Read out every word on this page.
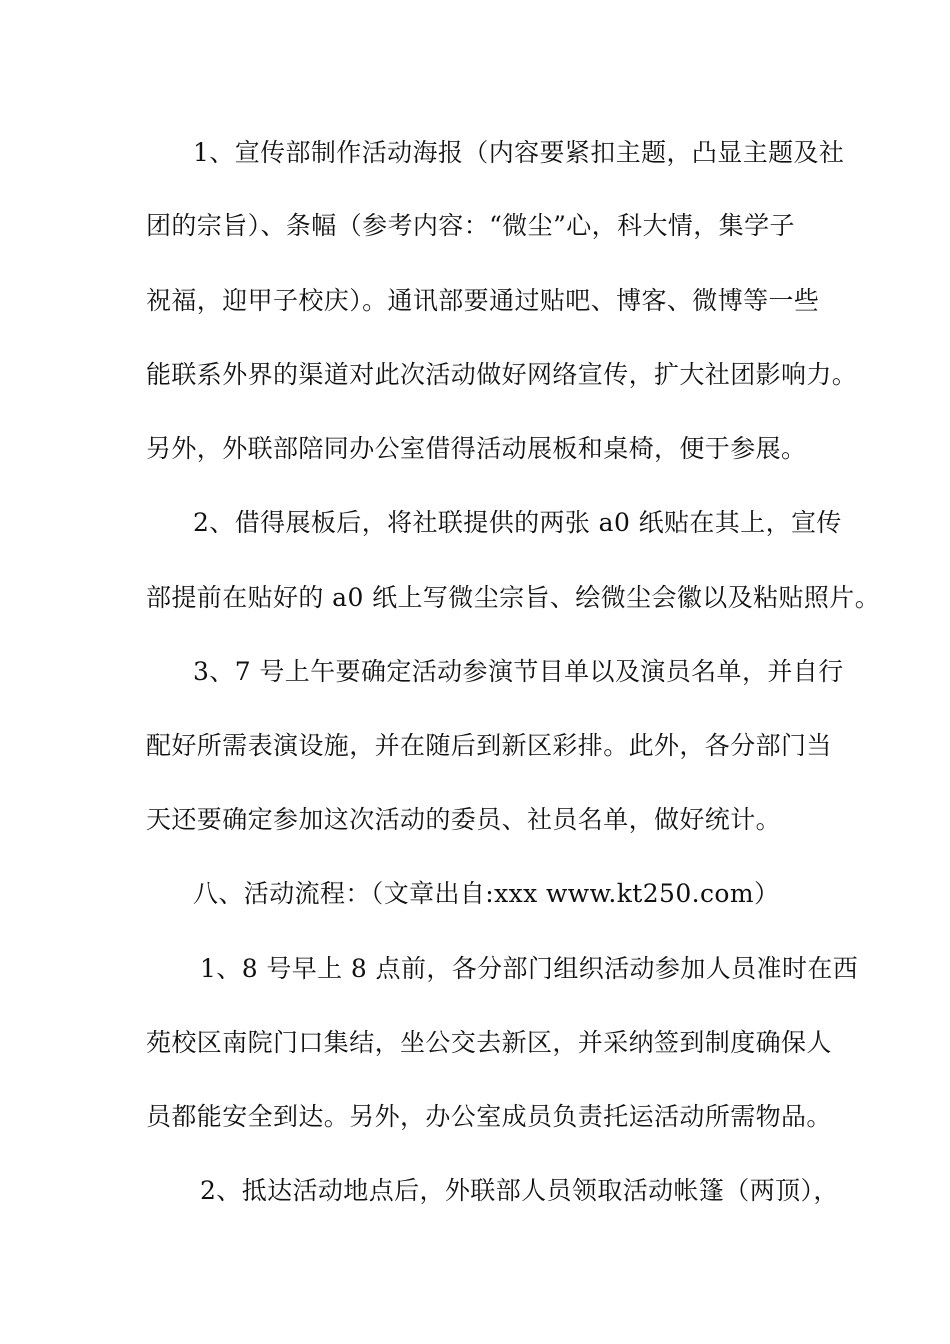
1、宣传部制作活动海报（内容要紧扣主题，凸显主题及社
团的宗旨）、条幅（参考内容：“微尘”心，科大情，集学子
祝福，迎甲子校庆）。通讯部要通过贴吧、博客、微博等一些
能联系外界的渠道对此次活动做好网络宣传，扩大社团影响力。
另外，外联部陪同办公室借得活动展板和桌椅，便于参展。
2、借得展板后，将社联提供的两张 a0 纸贴在其上，宣传
部提前在贴好的 a0 纸上写微尘宗旨、绘微尘会徽以及粘贴照片。
3、7 号上午要确定活动参演节目单以及演员名单，并自行
配好所需表演设施，并在随后到新区彩排。此外，各分部门当
天还要确定参加这次活动的委员、社员名单，做好统计。
八、活动流程：（文章出自:xxx www.kt250.com）
1、8 号早上 8 点前，各分部门组织活动参加人员准时在西
苑校区南院门口集结，坐公交去新区，并采纳签到制度确保人
员都能安全到达。另外，办公室成员负责托运活动所需物品。
2、抵达活动地点后，外联部人员领取活动帐篷（两顶），
